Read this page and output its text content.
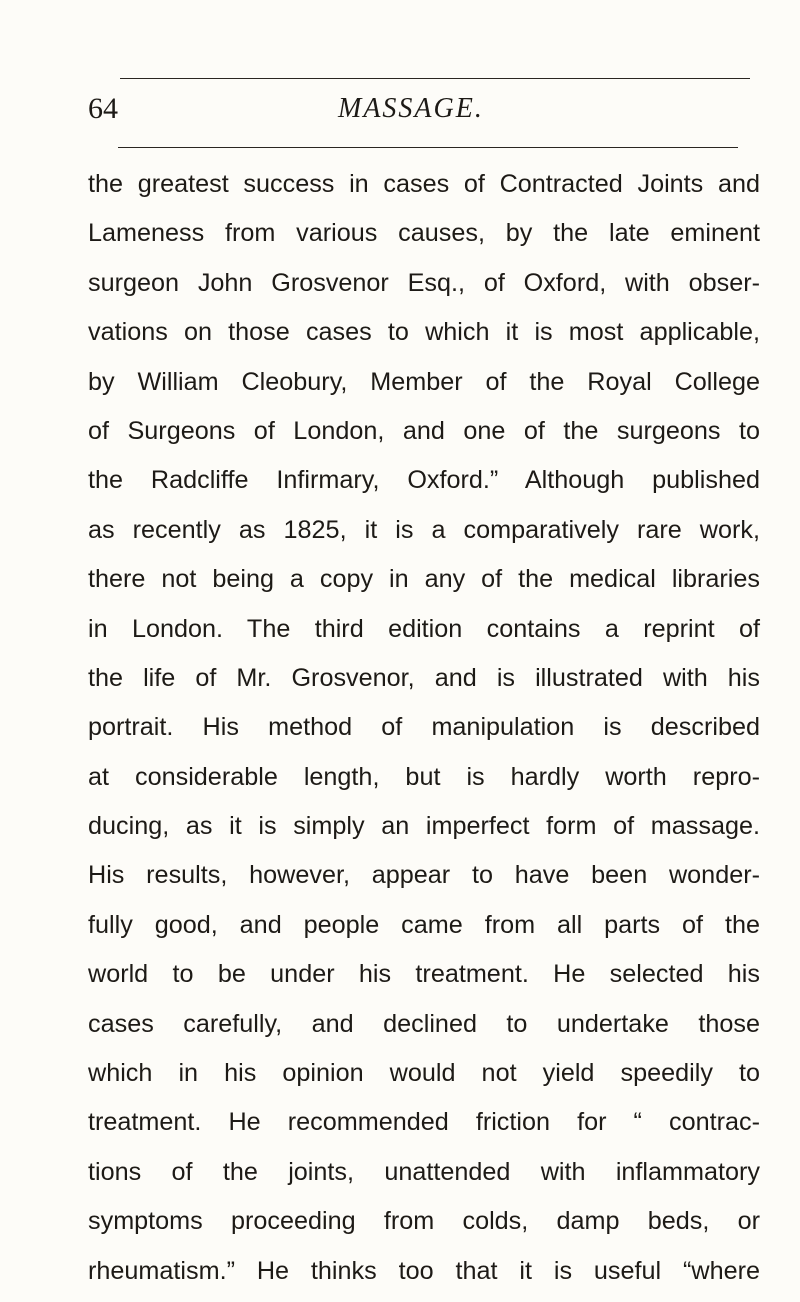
64	MASSAGE.
the greatest success in cases of Contracted Joints and
Lameness from various causes, by the late eminent
surgeon John Grosvenor Esq., of Oxford, with obser-
vations on those cases to which it is most applicable,
by William Cleobury, Member of the Royal College
of Surgeons of London, and one of the surgeons to
the Radcliffe Infirmary, Oxford.” Although published
as recently as 1825, it is a comparatively rare work,
there not being a copy in any of the medical libraries
in London. The third edition contains a reprint of
the life of Mr. Grosvenor, and is illustrated with his
portrait. His method of manipulation is described
at considerable length, but is hardly worth repro-
ducing, as it is simply an imperfect form of massage.
His results, however, appear to have been wonder-
fully good, and people came from all parts of the
world to be under his treatment. He selected his
cases carefully, and declined to undertake those
which in his opinion would not yield speedily to
treatment. He recommended friction for “ contrac-
tions of the joints, unattended with inflammatory
symptoms proceeding from colds, damp beds, or
rheumatism.” He thinks too that it is useful “where
